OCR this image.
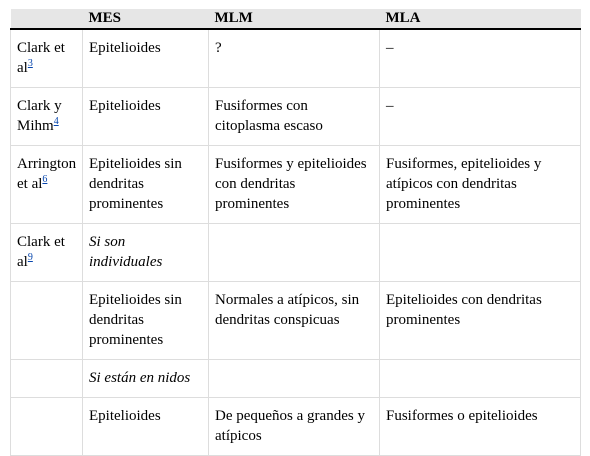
	MES	MLM	MLA
Clark et al$^3$	Epitelioides	?	–
Clark y Mihm$^4$	Epitelioides	Fusiformes con citoplasma escaso	–
Arrington et al$^6$	Epitelioides sin dendritas prominentes	Fusiformes y epitelioides con dendritas prominentes	Fusiformes, epitelioides y atípicos con dendritas prominentes
Clark et al$^9$	Si son individuales		
	Epitelioides sin dendritas prominentes	Normales a atípicos, sin dendritas conspicuas	Epitelioides con dendritas prominentes
	Si están en nidos		
	Epitelioides	De pequeños a grandes y atípicos	Fusiformes o epitelioides
